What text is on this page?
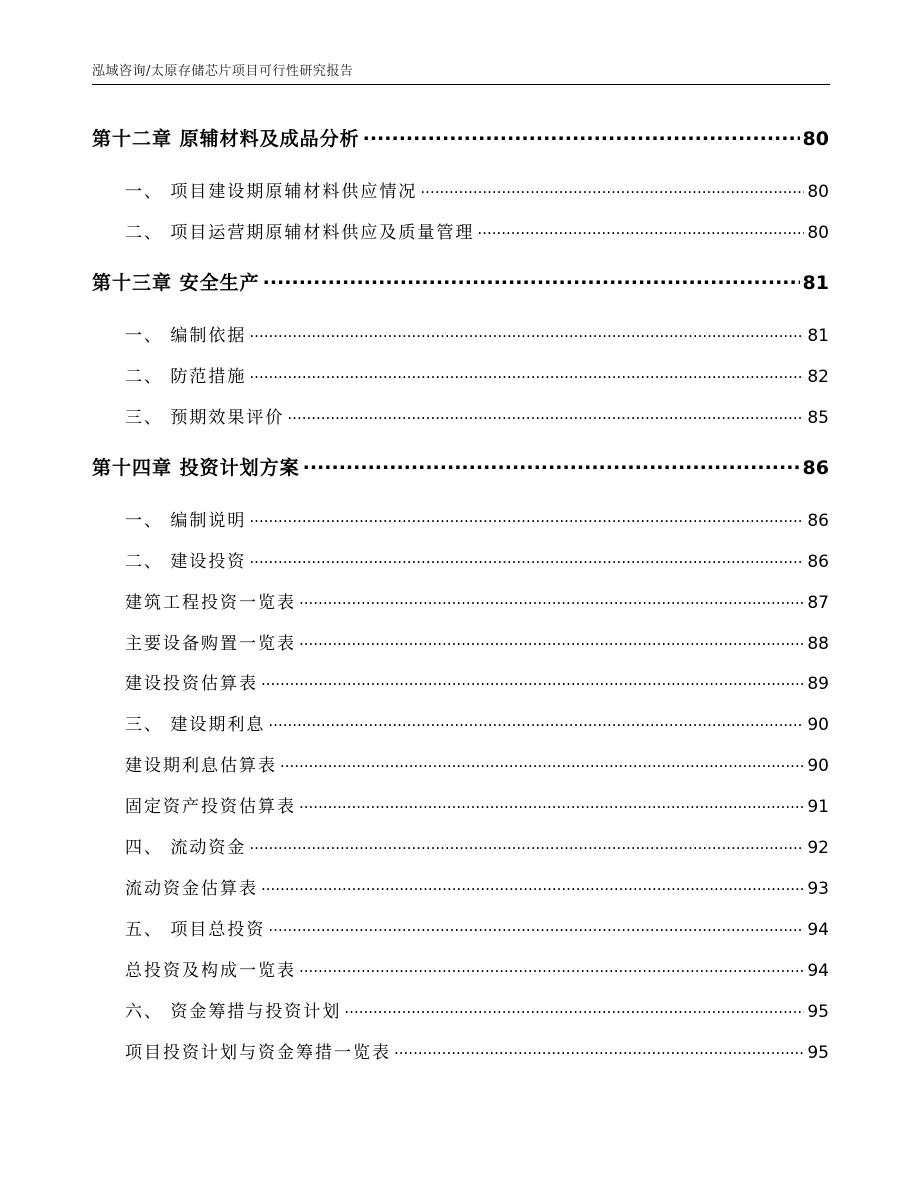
泓域咨询/太原存储芯片项目可行性研究报告
第十二章 原辅材料及成品分析 .....	80
一、 项目建设期原辅材料供应情况 .....	80
二、 项目运营期原辅材料供应及质量管理 .....	80
第十三章 安全生产 .....	81
一、 编制依据 .....	81
二、 防范措施 .....	82
三、 预期效果评价 .....	85
第十四章 投资计划方案 .....	86
一、 编制说明 .....	86
二、 建设投资 .....	86
建筑工程投资一览表 .....	87
主要设备购置一览表 .....	88
建设投资估算表 .....	89
三、 建设期利息 .....	90
建设期利息估算表 .....	90
固定资产投资估算表 .....	91
四、 流动资金 .....	92
流动资金估算表 .....	93
五、 项目总投资 .....	94
总投资及构成一览表 .....	94
六、 资金筹措与投资计划 .....	95
项目投资计划与资金筹措一览表 .....	95
